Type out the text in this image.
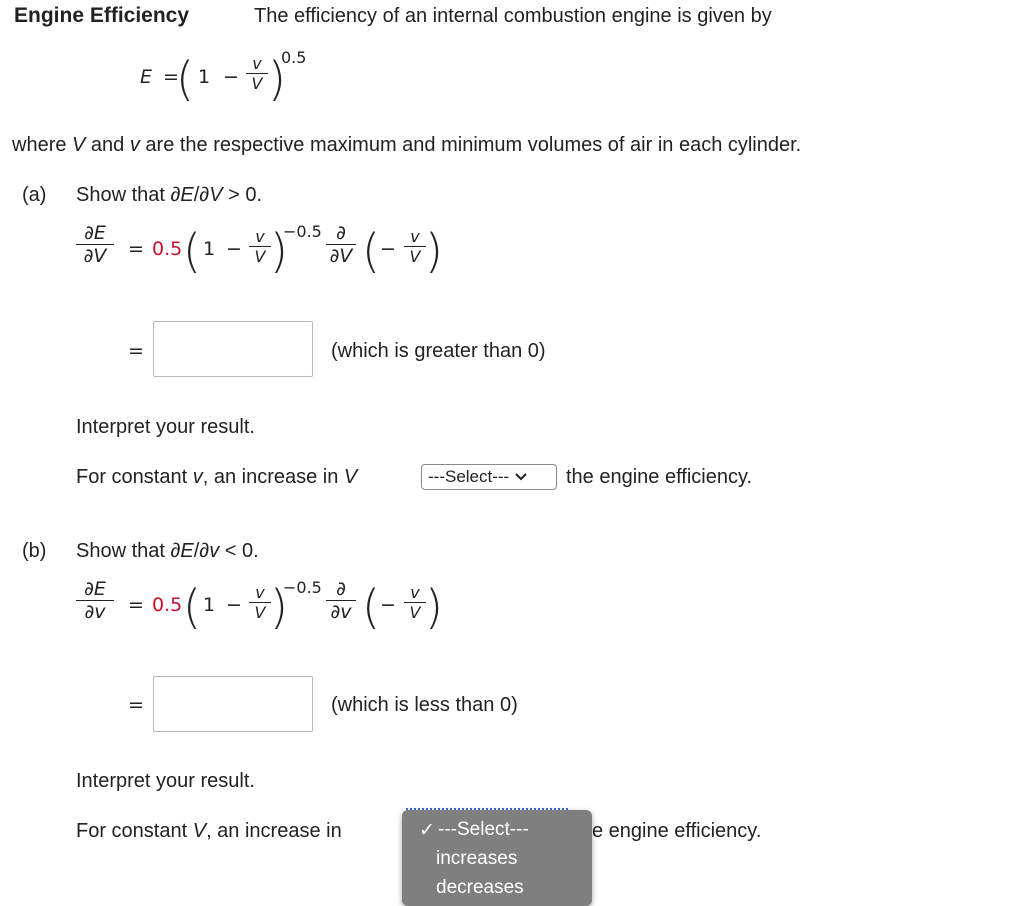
Engine Efficiency	The efficiency of an internal combustion engine is given by
E =
( 1 −
v
V )
0.5
where V and v are the respective maximum and minimum volumes of air in each cylinder.
(a) Show that ∂E/∂V > 0.
∂E
∂V = 0.5 ( 1 −
v
V )
−0.5 ∂
∂V ( −
v
V )
=	(which is greater than 0)
Interpret your result.
For constant v, an increase in V	---Select---	the engine efficiency.
(b) Show that ∂E/∂v < 0.
∂E
∂v = 0.5 ( 1 −
v
V )
−0.5 ∂
∂v ( −
v
V )
=	(which is less than 0)
Interpret your result.
For constant V, an increase in	e engine efficiency.
✓ ---Select---
increases
decreases
